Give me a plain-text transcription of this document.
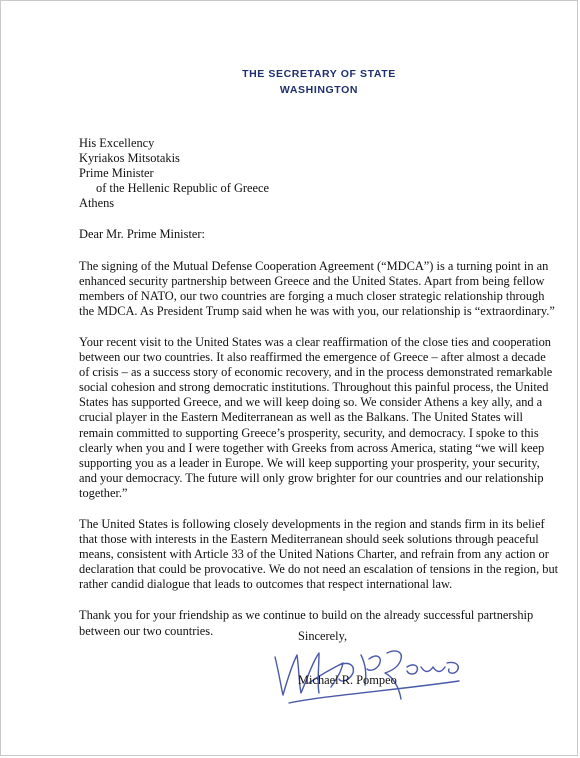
THE SECRETARY OF STATE
WASHINGTON
His Excellency
Kyriakos Mitsotakis
Prime Minister
of the Hellenic Republic of Greece
Athens
Dear Mr. Prime Minister:

The signing of the Mutual Defense Cooperation Agreement (“MDCA”) is a turning point in an enhanced security partnership between Greece and the United States. Apart from being fellow members of NATO, our two countries are forging a much closer strategic relationship through the MDCA. As President Trump said when he was with you, our relationship is “extraordinary.”

Your recent visit to the United States was a clear reaffirmation of the close ties and cooperation between our two countries. It also reaffirmed the emergence of Greece – after almost a decade of crisis – as a success story of economic recovery, and in the process demonstrated remarkable social cohesion and strong democratic institutions. Throughout this painful process, the United States has supported Greece, and we will keep doing so. We consider Athens a key ally, and a crucial player in the Eastern Mediterranean as well as the Balkans. The United States will remain committed to supporting Greece’s prosperity, security, and democracy. I spoke to this clearly when you and I were together with Greeks from across America, stating “we will keep supporting you as a leader in Europe. We will keep supporting your prosperity, your security, and your democracy. The future will only grow brighter for our countries and our relationship together.”

The United States is following closely developments in the region and stands firm in its belief that those with interests in the Eastern Mediterranean should seek solutions through peaceful means, consistent with Article 33 of the United Nations Charter, and refrain from any action or declaration that could be provocative. We do not need an escalation of tensions in the region, but rather candid dialogue that leads to outcomes that respect international law.

Thank you for your friendship as we continue to build on the already successful partnership between our two countries.	Sincerely,
Michael R. Pompeo
